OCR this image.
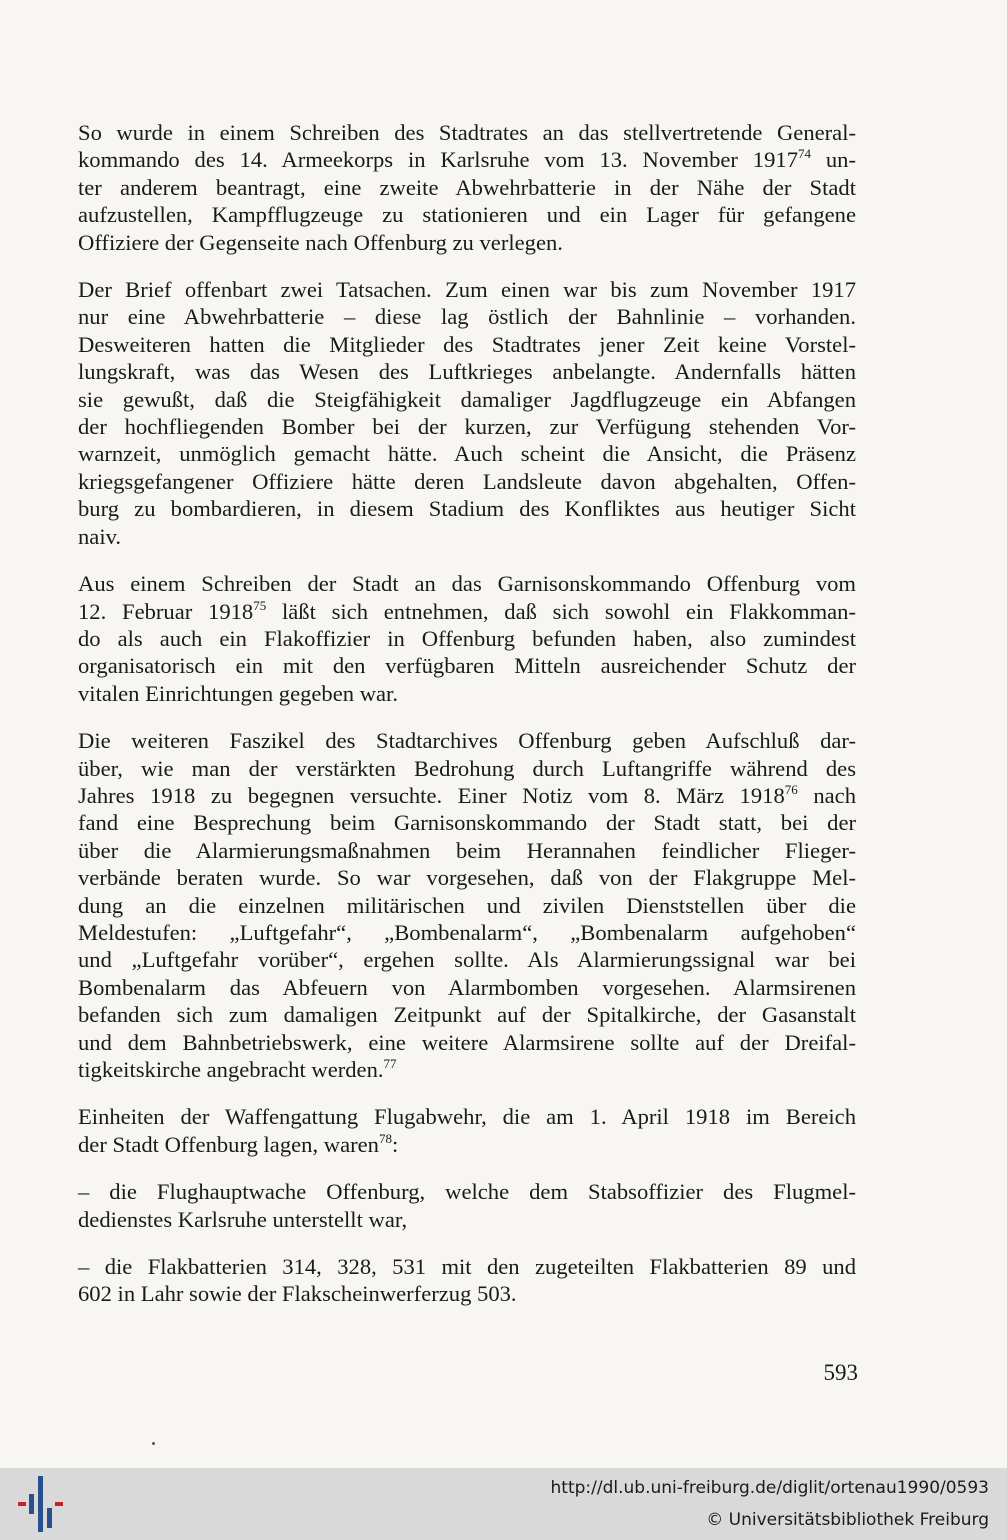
So wurde in einem Schreiben des Stadtrates an das stellvertretende General-
kommando des 14. Armeekorps in Karlsruhe vom 13. November 1917$^{74}$ un-
ter anderem beantragt, eine zweite Abwehrbatterie in der Nähe der Stadt
aufzustellen, Kampfflugzeuge zu stationieren und ein Lager für gefangene
Offiziere der Gegenseite nach Offenburg zu verlegen.

Der Brief offenbart zwei Tatsachen. Zum einen war bis zum November 1917
nur eine Abwehrbatterie – diese lag östlich der Bahnlinie – vorhanden.
Desweiteren hatten die Mitglieder des Stadtrates jener Zeit keine Vorstel-
lungskraft, was das Wesen des Luftkrieges anbelangte. Andernfalls hätten
sie gewußt, daß die Steigfähigkeit damaliger Jagdflugzeuge ein Abfangen
der hochfliegenden Bomber bei der kurzen, zur Verfügung stehenden Vor-
warnzeit, unmöglich gemacht hätte. Auch scheint die Ansicht, die Präsenz
kriegsgefangener Offiziere hätte deren Landsleute davon abgehalten, Offen-
burg zu bombardieren, in diesem Stadium des Konfliktes aus heutiger Sicht
naiv.

Aus einem Schreiben der Stadt an das Garnisonskommando Offenburg vom
12. Februar 1918$^{75}$ läßt sich entnehmen, daß sich sowohl ein Flakkomman-
do als auch ein Flakoffizier in Offenburg befunden haben, also zumindest
organisatorisch ein mit den verfügbaren Mitteln ausreichender Schutz der
vitalen Einrichtungen gegeben war.

Die weiteren Faszikel des Stadtarchives Offenburg geben Aufschluß dar-
über, wie man der verstärkten Bedrohung durch Luftangriffe während des
Jahres 1918 zu begegnen versuchte. Einer Notiz vom 8. März 1918$^{76}$ nach
fand eine Besprechung beim Garnisonskommando der Stadt statt, bei der
über die Alarmierungsmaßnahmen beim Herannahen feindlicher Flieger-
verbände beraten wurde. So war vorgesehen, daß von der Flakgruppe Mel-
dung an die einzelnen militärischen und zivilen Dienststellen über die
Meldestufen: „Luftgefahr“, „Bombenalarm“, „Bombenalarm aufgehoben“
und „Luftgefahr vorüber“, ergehen sollte. Als Alarmierungssignal war bei
Bombenalarm das Abfeuern von Alarmbomben vorgesehen. Alarmsirenen
befanden sich zum damaligen Zeitpunkt auf der Spitalkirche, der Gasanstalt
und dem Bahnbetriebswerk, eine weitere Alarmsirene sollte auf der Dreifal-
tigkeitskirche angebracht werden.$^{77}$

Einheiten der Waffengattung Flugabwehr, die am 1. April 1918 im Bereich
der Stadt Offenburg lagen, waren$^{78}$:

– die Flughauptwache Offenburg, welche dem Stabsoffizier des Flugmel-
dedienstes Karlsruhe unterstellt war,

– die Flakbatterien 314, 328, 531 mit den zugeteilten Flakbatterien 89 und
602 in Lahr sowie der Flakscheinwerferzug 503.

593
http://dl.ub.uni-freiburg.de/diglit/ortenau1990/0593
© Universitätsbibliothek Freiburg
